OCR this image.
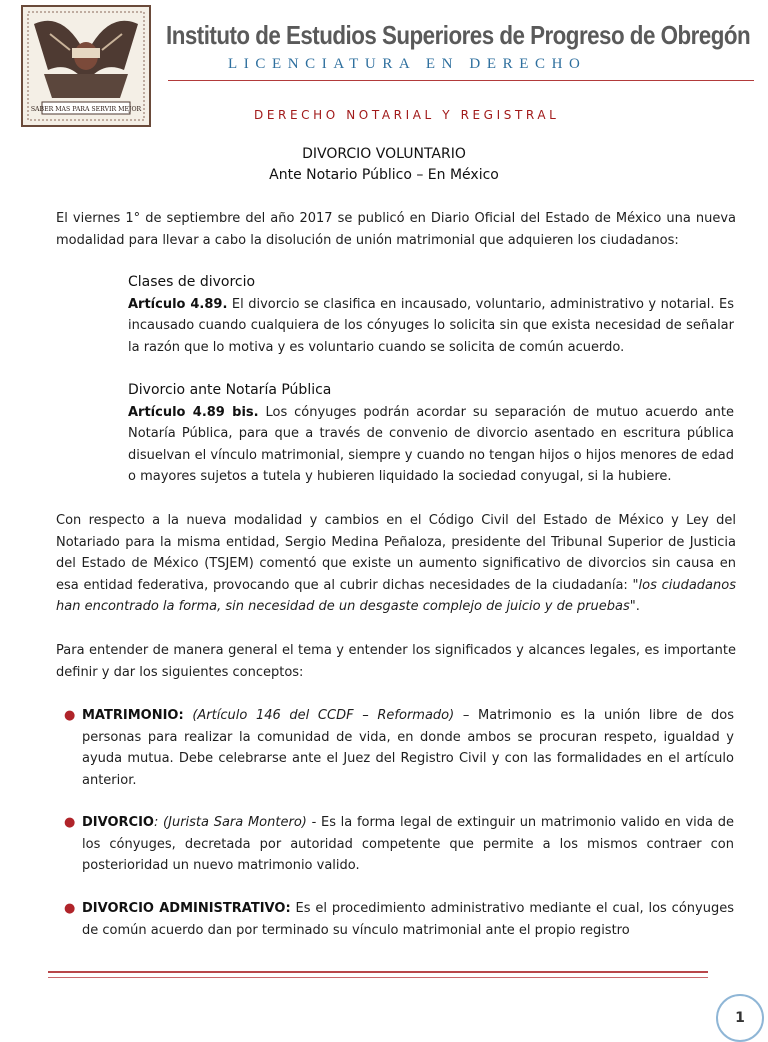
SABER MAS PARA SERVIR MEJOR
Instituto de Estudios Superiores de Progreso de Obregón
LICENCIATURA EN DERECHO
DERECHO NOTARIAL Y REGISTRAL
DIVORCIO VOLUNTARIO
Ante Notario Público – En México
El viernes 1° de septiembre del año 2017 se publicó en Diario Oficial del Estado de México una nueva modalidad para llevar a cabo la disolución de unión matrimonial que adquieren los ciudadanos:
Clases de divorcio
Artículo 4.89. El divorcio se clasifica en incausado, voluntario, administrativo y notarial. Es incausado cuando cualquiera de los cónyuges lo solicita sin que exista necesidad de señalar la razón que lo motiva y es voluntario cuando se solicita de común acuerdo.
Divorcio ante Notaría Pública
Artículo 4.89 bis. Los cónyuges podrán acordar su separación de mutuo acuerdo ante Notaría Pública, para que a través de convenio de divorcio asentado en escritura pública disuelvan el vínculo matrimonial, siempre y cuando no tengan hijos o hijos menores de edad o mayores sujetos a tutela y hubieren liquidado la sociedad conyugal, si la hubiere.
Con respecto a la nueva modalidad y cambios en el Código Civil del Estado de México y Ley del Notariado para la misma entidad, Sergio Medina Peñaloza, presidente del Tribunal Superior de Justicia del Estado de México (TSJEM) comentó que existe un aumento significativo de divorcios sin causa en esa entidad federativa, provocando que al cubrir dichas necesidades de la ciudadanía: "los ciudadanos han encontrado la forma, sin necesidad de un desgaste complejo de juicio y de pruebas".
Para entender de manera general el tema y entender los significados y alcances legales, es importante definir y dar los siguientes conceptos:
● MATRIMONIO: (Artículo 146 del CCDF – Reformado) – Matrimonio es la unión libre de dos personas para realizar la comunidad de vida, en donde ambos se procuran respeto, igualdad y ayuda mutua. Debe celebrarse ante el Juez del Registro Civil y con las formalidades en el artículo anterior.
● DIVORCIO: (Jurista Sara Montero) - Es la forma legal de extinguir un matrimonio valido en vida de los cónyuges, decretada por autoridad competente que permite a los mismos contraer con posterioridad un nuevo matrimonio valido.
● DIVORCIO ADMINISTRATIVO: Es el procedimiento administrativo mediante el cual, los cónyuges de común acuerdo dan por terminado su vínculo matrimonial ante el propio registro
1
